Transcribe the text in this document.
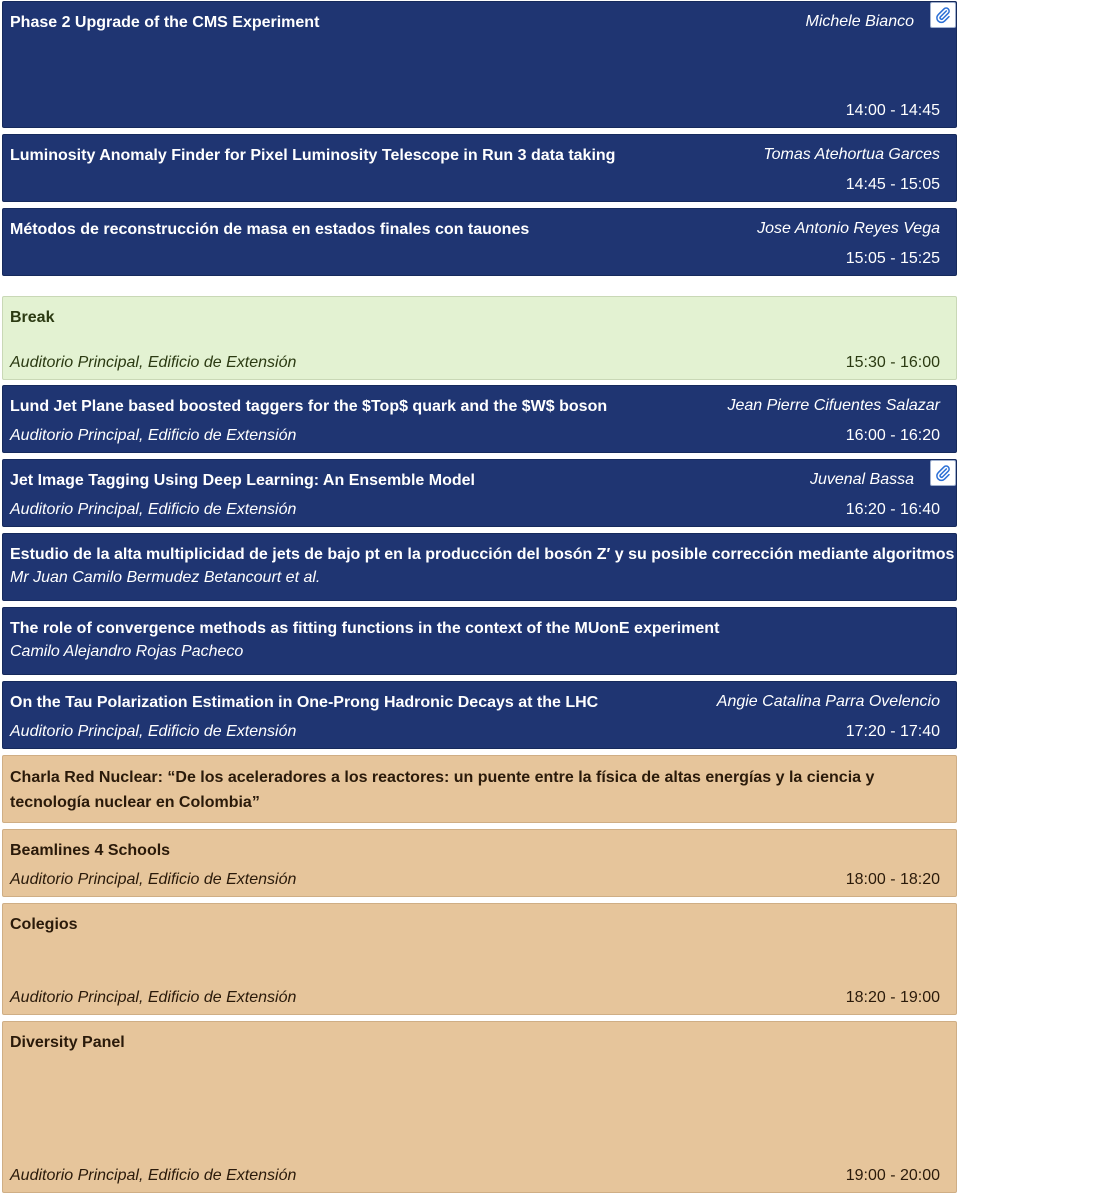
Phase 2 Upgrade of the CMS Experiment	Michele Bianco
14:00 - 14:45
Luminosity Anomaly Finder for Pixel Luminosity Telescope in Run 3 data taking	Tomas Atehortua Garces
14:45 - 15:05
Métodos de reconstrucción de masa en estados finales con tauones	Jose Antonio Reyes Vega
15:05 - 15:25
Break
Auditorio Principal, Edificio de Extensión	15:30 - 16:00
Lund Jet Plane based boosted taggers for the $Top$ quark and the $W$ boson	Jean Pierre Cifuentes Salazar
Auditorio Principal, Edificio de Extensión	16:00 - 16:20
Jet Image Tagging Using Deep Learning: An Ensemble Model	Juvenal Bassa
Auditorio Principal, Edificio de Extensión	16:20 - 16:40
Estudio de la alta multiplicidad de jets de bajo pt en la producción del bosón Z′ y su posible corrección mediante algoritmos de machine learning
Mr Juan Camilo Bermudez Betancourt et al.
The role of convergence methods as fitting functions in the context of the MUonE experiment
Camilo Alejandro Rojas Pacheco
On the Tau Polarization Estimation in One-Prong Hadronic Decays at the LHC	Angie Catalina Parra Ovelencio
Auditorio Principal, Edificio de Extensión	17:20 - 17:40
Charla Red Nuclear: “De los aceleradores a los reactores: un puente entre la física de altas energías y la ciencia y tecnología nuclear en Colombia”
Beamlines 4 Schools
Auditorio Principal, Edificio de Extensión	18:00 - 18:20
Colegios
Auditorio Principal, Edificio de Extensión	18:20 - 19:00
Diversity Panel
Auditorio Principal, Edificio de Extensión	19:00 - 20:00
